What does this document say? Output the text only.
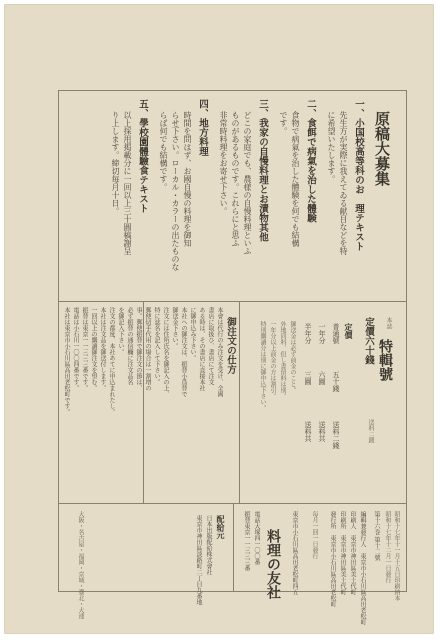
原稿大募集
一、小国校高等科のお　理テキスト
先生方が実際に我えてゐる献目などを特
に希望いたします。
二、食餌で病氣を治した體験
食物で病氣を治した體験を何でも結構
です。
三、我家の自慢料理とお漬物其他
どこの家庭でも、農様の自慢料理といふ
ものがあるものです。これらにと思ふ
非常時料理をお寄せ下さい。
四、地方料理
時間を問はず、お國自慢の料理を御知
らせ下さい。ローカル・カラーの出たものな
らば何でも結構です。
五、學校園體驗食テキスト
以上採用掲載分に一回以上三十圓稿謝呈
り上します。締切毎月十日。
特輯號
本誌
定價六十錢
送料二錢
定價
普通號
五十錢
送料二錢
一年分
六圓
送料共
半年分
三圓
送料共
御送金は必ず前金のこと。
外地同料、但し書留料は別。
一年分以上前金の方は割引。
特別購讀分は別に御申込下さい。
御注文の仕方
本會は代行のみ注文を受け、全國
書店に取扱ひ、書店にて注文
ある時は、その書店に直接本社
に御申込み下さい。
本社への御注文は、振替小爲替で
御送金下さい。
注文には住所氏名を御記入の上、
特に誌名を記入して下さい。
郵便切手代用の場合は一割増の
事。郵便振替で御注文の節は、
必ず振替の通信欄に注文品名
を御記入下さい。
注文の都度、本社あてに申込まれたし。
本社は注文品を御送付します。
一回以上の購讀御注文を望む。
振替は東京一一三三三番です。
電話は小石川一〇〇四番です。
本社は東京市小石川區高田老松町です。
昭和十七年十一月十五日印刷納本
昭和十七年十二月一日發行
第十六巻 第十二號
編輯兼發行人　東京市小石川區高田老松町
印刷人　東京市神田區美土代町
印刷所　東京市神田區美土代町
發行所　東京市小石川區高田老松町
毎月一回一日發行
東京市小石川區高田老松町四五
料理の友社
電話大塚四一〇〇番
振替東京一一三三三番
配給元
日本出版配給株式會社
東京市神田區淡路町二丁目九番地
大阪・名古屋・福岡・京城・臺北・大連
